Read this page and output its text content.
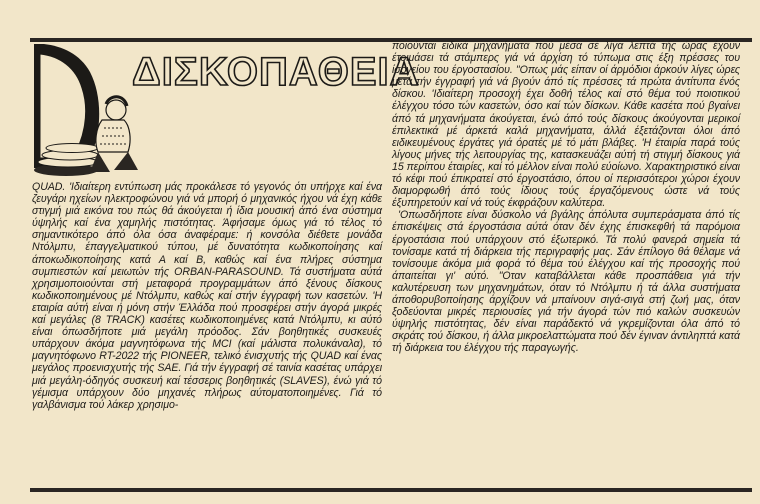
ΔΙΣΚΟΠΑΘΕΙΑ

QUAD. 'Ιδιαίτερη εντύπωση μάς προκάλεσε τό γεγονός ότι υπήρχε καί ένα ζευγάρι ηχείων ηλεκτροφώνου γιά νά μπορή ό μηχανικός ήχου νά έχη κάθε στιγμή μιά εικόνα του πώς θά άκούγεται ή ίδια μουσική άπό ένα σύστημα ύψηλής καί ένα χαμηλής πιστότητας. Άφήσαμε όμως γιά τό τέλος τό σημαντικότερο άπό όλα όσα άναφέραμε: ή κονσόλα διέθετε μονάδα Ντόλμπυ, έπαγγελματικού τύπου, μέ δυνατότητα κωδικοποίησης καί άποκωδικοποίησης κατά Α καί Β, καθώς καί ένα πλήρες σύστημα συμπιεστών καί μειωτών τής ORBAN-PARASOUND. Τά συστήματα αύτά χρησιμοποιούνται στή μεταφορά προγραμμάτων άπό ξένους δίσκους κωδικοποιημένους μέ Ντόλμπυ, καθώς καί στήν έγγραφή των κασετών. 'Η εταιρία αύτή είναι ή μόνη στήν Έλλάδα πού προσφέρει στήν άγορά μικρές καί μεγάλες (8 TRACK) κασέτες κωδικοποιημένες κατά Ντόλμπυ, κι αύτό είναι όπωσδήποτε μιά μεγάλη πρόοδος. Σάν βοηθητικές συσκευές υπάρχουν άκόμα μαγνητόφωνα τής MCI (καί μάλιστα πολυκάναλα), τό μαγνητόφωνο RT-2022 τής PIONEER, τελικό ένισχυτής τής QUAD καί ένας μεγάλος προενισχυτής τής SAE. Γιά τήν έγγραφή σέ ταινία κασέτας υπάρχει μιά μεγάλη-όδηγός συσκευή καί τέσσερις βοηθητικές (SLAVES), ένώ γιά τό γέμισμα υπάρχουν δύο μηχανές πλήρως αύτοματοποιημένες. Γιά τό γαλβάνισμα τού λάκερ χρησιμο-

ποιούνται ειδικά μηχανήματα πού μέσα σέ λίγα λεπτά τής ώρας έχουν έτοιμάσει τά στάμπερς γιά νά άρχίση τό τύπωμα στις έξη πρέσσες του ίσογείου του έργοστασίου. "Οπως μάς είπαν οί άρμόδιοι άρκούν λίγες ώρες μετά τήν έγγραφή γιά νά βγούν άπό τίς πρέσσες τά πρώτα άντίτυπα ένός δίσκου. 'Ιδιαίτερη προσοχή έχει δοθή τέλος καί στό θέμα τού ποιοτικού έλέγχου τόσο τών κασετών, όσο καί τών δίσκων. Κάθε κασέτα πού βγαίνει άπό τά μηχανήματα άκούγεται, ένώ άπό τούς δίσκους άκούγονται μερικοί έπιλεκτικά μέ άρκετά καλά μηχανήματα, άλλά έξετάζονται όλοι άπό ειδικευμένους έργάτες γιά όρατές μέ τό μάτι βλάβες. 'Η έταιρία παρά τούς λίγους μήνες τής λειτουργίας της, κατασκευάζει αύτή τή στιγμή δίσκους γιά 15 περίπου έταιρίες, καί τό μέλλον είναι πολύ εύοίωνο. Χαρακτηριστικό είναι τό κέφι πού έπικρατεί στό έργοστάσιο, όπου οί περισσότεροι χώροι έχουν διαμορφωθή άπό τούς ίδιους τούς έργαζόμενους ώστε νά τούς έξυπηρετούν καί νά τούς έκφράζουν καλύτερα.

'Οπωσδήποτε είναι δύσκολο νά βγάλης άπόλυτα συμπεράσματα άπό τίς έπισκέψεις στά έργοστάσια αύτά όταν δέν έχης έπισκεφθή τά παρόμοια έργοστάσια πού υπάρχουν στό έξωτερικό. Τά πολύ φανερά σημεία τά τονίσαμε κατά τή διάρκεια τής περιγραφής μας. Σάν έπίλογο θά θέλαμε νά τονίσουμε άκόμα μιά φορά τό θέμα τού έλέγχου καί τής προσοχής πού άπαιτείται γι' αύτό. "Οταν καταβάλλεται κάθε προσπάθεια γιά τήν καλυτέρευση των μηχανημάτων, όταν τό Ντόλμπυ ή τά άλλα συστήματα άποθορυβοποίησης άρχίζουν νά μπαίνουν σιγά-σιγά στή ζωή μας, όταν ξοδεύονται μικρές περιουσίες γιά τήν άγορά τών πιό καλών συσκευών ύψηλής πιστότητας, δέν είναι παράδεκτό νά γκρεμίζονται όλα άπό τό σκράτς τού δίσκου, ή άλλα μικροελαττώματα πού δέν έγιναν άντιληπτά κατά τή διάρκεια του έλέγχου τής παραγωγής.
